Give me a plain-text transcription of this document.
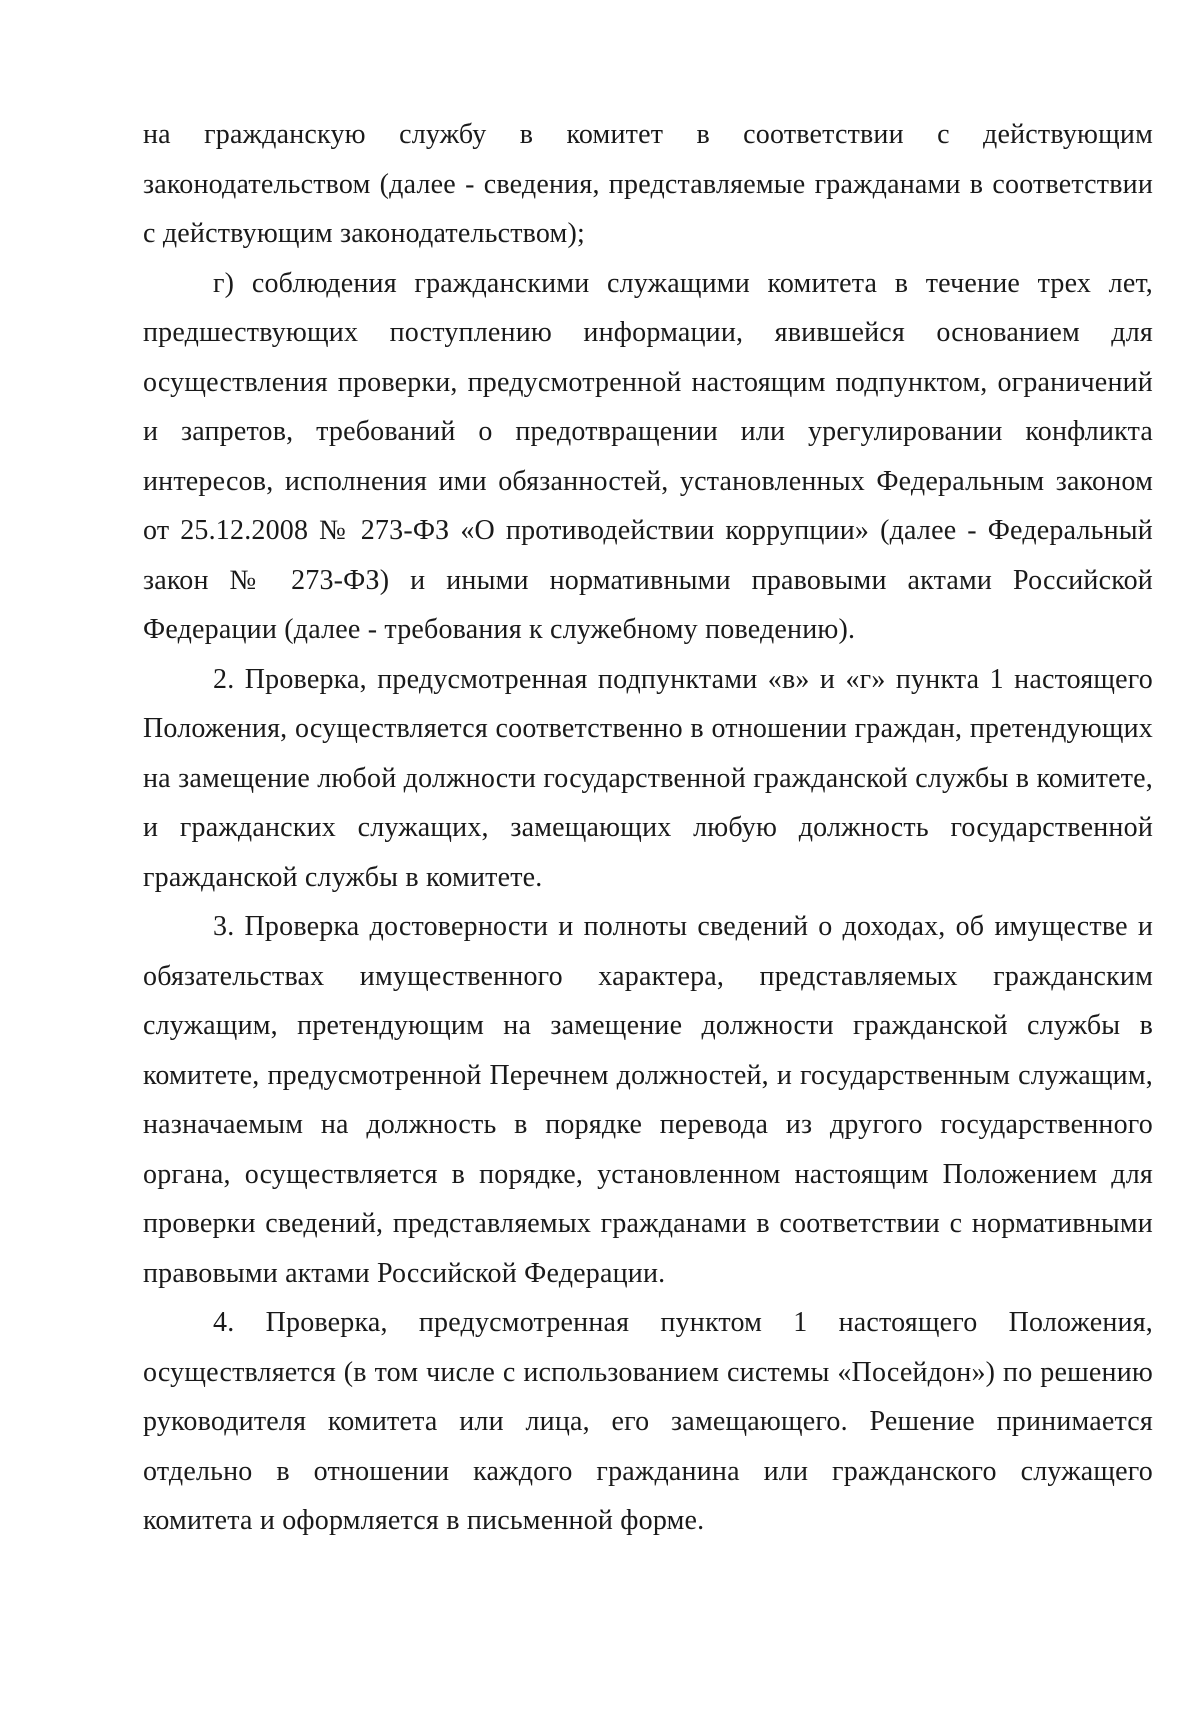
на гражданскую службу в комитет в соответствии с действующим законодательством (далее - сведения, представляемые гражданами в соответствии с действующим законодательством);

г) соблюдения гражданскими служащими комитета в течение трех лет, предшествующих поступлению информации, явившейся основанием для осуществления проверки, предусмотренной настоящим подпунктом, ограничений и запретов, требований о предотвращении или урегулировании конфликта интересов, исполнения ими обязанностей, установленных Федеральным законом от 25.12.2008 № 273-ФЗ «О противодействии коррупции» (далее - Федеральный закон № 273-ФЗ) и иными нормативными правовыми актами Российской Федерации (далее - требования к служебному поведению).

2. Проверка, предусмотренная подпунктами «в» и «г» пункта 1 настоящего Положения, осуществляется соответственно в отношении граждан, претендующих на замещение любой должности государственной гражданской службы в комитете, и гражданских служащих, замещающих любую должность государственной гражданской службы в комитете.

3. Проверка достоверности и полноты сведений о доходах, об имуществе и обязательствах имущественного характера, представляемых гражданским служащим, претендующим на замещение должности гражданской службы в комитете, предусмотренной Перечнем должностей, и государственным служащим, назначаемым на должность в порядке перевода из другого государственного органа, осуществляется в порядке, установленном настоящим Положением для проверки сведений, представляемых гражданами в соответствии с нормативными правовыми актами Российской Федерации.

4. Проверка, предусмотренная пунктом 1 настоящего Положения, осуществляется (в том числе с использованием системы «Посейдон») по решению руководителя комитета или лица, его замещающего. Решение принимается отдельно в отношении каждого гражданина или гражданского служащего комитета и оформляется в письменной форме.
